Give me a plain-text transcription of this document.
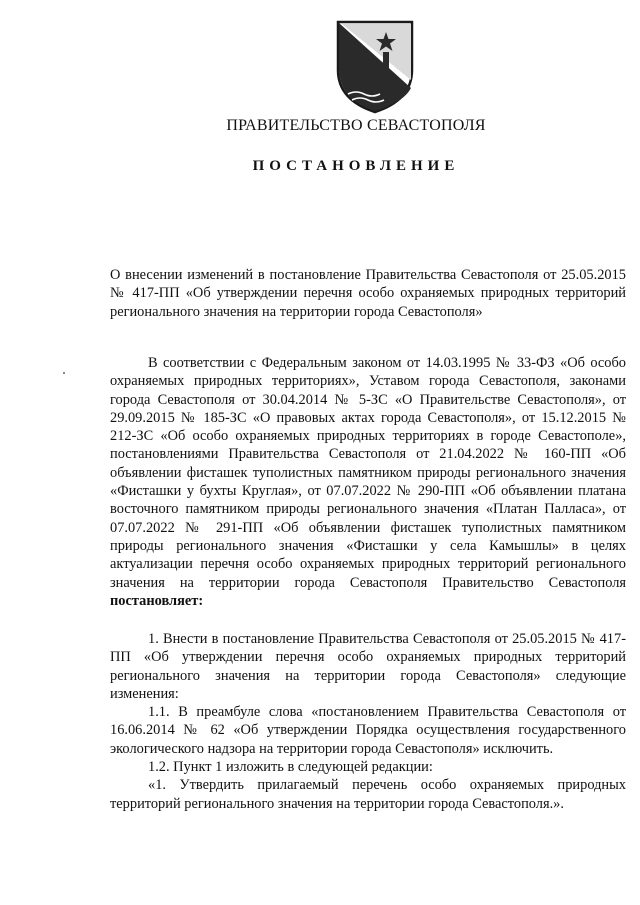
ПРАВИТЕЛЬСТВО СЕВАСТОПОЛЯ
ПОСТАНОВЛЕНИЕ
О внесении изменений в постановление Правительства Севастополя от 25.05.2015 № 417-ПП «Об утверждении перечня особо охраняемых природных территорий регионального значения на территории города Севастополя»

В соответствии с Федеральным законом от 14.03.1995 № 33-ФЗ «Об особо охраняемых природных территориях», Уставом города Севастополя, законами города Севастополя от 30.04.2014 № 5-ЗС «О Правительстве Севастополя», от 29.09.2015 № 185-ЗС «О правовых актах города Севастополя», от 15.12.2015 № 212-ЗС «Об особо охраняемых природных территориях в городе Севастополе», постановлениями Правительства Севастополя от 21.04.2022 № 160-ПП «Об объявлении фисташек туполистных памятником природы регионального значения «Фисташки у бухты Круглая», от 07.07.2022 № 290-ПП «Об объявлении платана восточного памятником природы регионального значения «Платан Палласа», от 07.07.2022 № 291-ПП «Об объявлении фисташек туполистных памятником природы регионального значения «Фисташки у села Камышлы» в целях актуализации перечня особо охраняемых природных территорий регионального значения на территории города Севастополя Правительство Севастополя постановляет:

1. Внести в постановление Правительства Севастополя от 25.05.2015 № 417-ПП «Об утверждении перечня особо охраняемых природных территорий регионального значения на территории города Севастополя» следующие изменения:

1.1. В преамбуле слова «постановлением Правительства Севастополя от 16.06.2014 № 62 «Об утверждении Порядка осуществления государственного экологического надзора на территории города Севастополя» исключить.

1.2. Пункт 1 изложить в следующей редакции:

«1. Утвердить прилагаемый перечень особо охраняемых природных территорий регионального значения на территории города Севастополя.».
